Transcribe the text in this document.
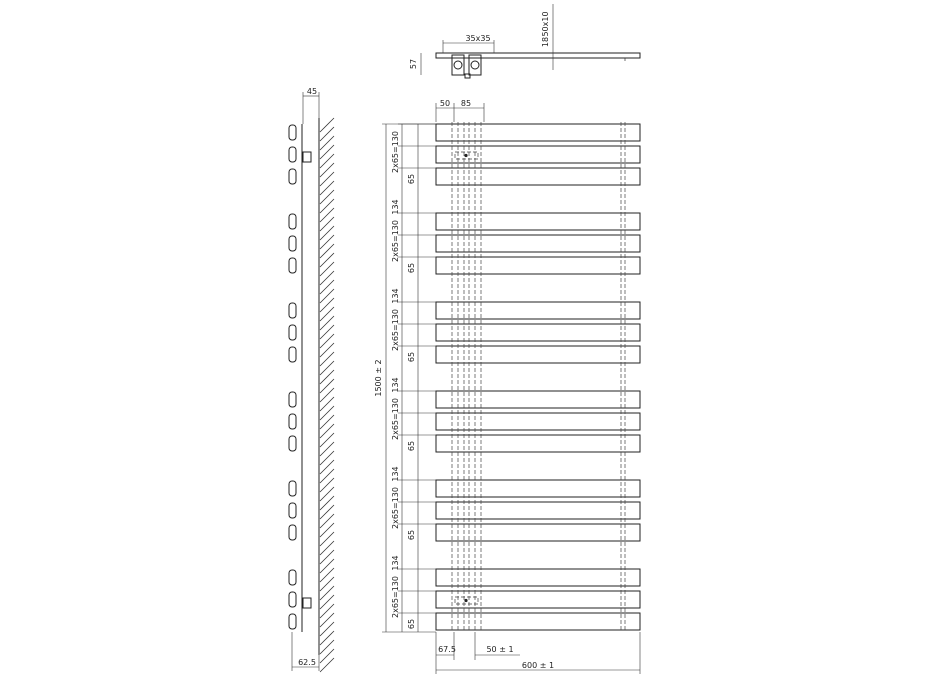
35x35
50x10
18
57
45
62.5
50 85
1500 ± 2
2x65=130
65
134
2x65=130
65
134
2x65=130
65
134
2x65=130
65
134
2x65=130
65
134
2x65=130
65
67.5	50 ± 1
600 ± 1
